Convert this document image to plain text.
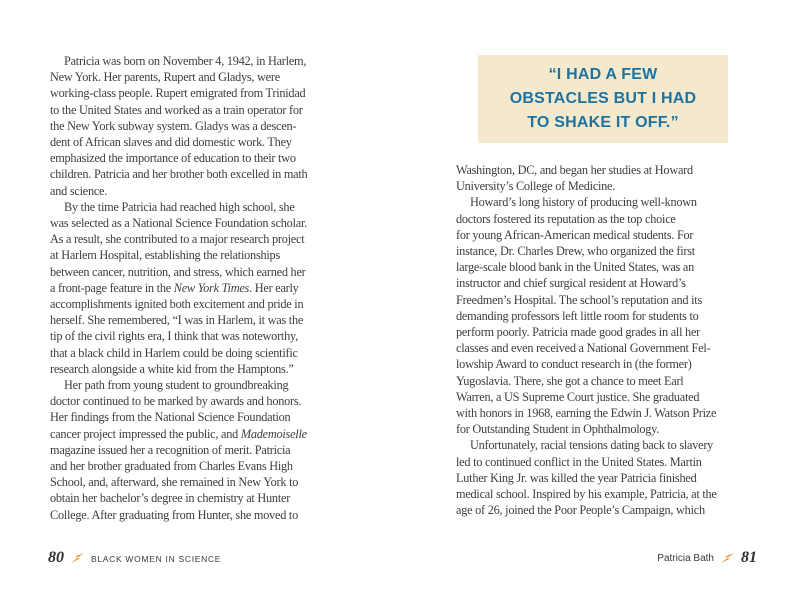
Patricia was born on November 4, 1942, in Harlem,
New York. Her parents, Rupert and Gladys, were
working-class people. Rupert emigrated from Trinidad
to the United States and worked as a train operator for
the New York subway system. Gladys was a descen-
dent of African slaves and did domestic work. They
emphasized the importance of education to their two
children. Patricia and her brother both excelled in math
and science.

By the time Patricia had reached high school, she
was selected as a National Science Foundation scholar.
As a result, she contributed to a major research project
at Harlem Hospital, establishing the relationships
between cancer, nutrition, and stress, which earned her
a front-page feature in the New York Times. Her early
accomplishments ignited both excitement and pride in
herself. She remembered, “I was in Harlem, it was the
tip of the civil rights era, I think that was noteworthy,
that a black child in Harlem could be doing scientific
research alongside a white kid from the Hamptons.”

Her path from young student to groundbreaking
doctor continued to be marked by awards and honors.
Her findings from the National Science Foundation
cancer project impressed the public, and Mademoiselle
magazine issued her a recognition of merit. Patricia
and her brother graduated from Charles Evans High
School, and, afterward, she remained in New York to
obtain her bachelor’s degree in chemistry at Hunter
College. After graduating from Hunter, she moved to

“I HAD A FEW
OBSTACLES BUT I HAD
TO SHAKE IT OFF.”

Washington, DC, and began her studies at Howard
University’s College of Medicine.

Howard’s long history of producing well-known
doctors fostered its reputation as the top choice
for young African-American medical students. For
instance, Dr. Charles Drew, who organized the first
large-scale blood bank in the United States, was an
instructor and chief surgical resident at Howard’s
Freedmen’s Hospital. The school’s reputation and its
demanding professors left little room for students to
perform poorly. Patricia made good grades in all her
classes and even received a National Government Fel-
lowship Award to conduct research in (the former)
Yugoslavia. There, she got a chance to meet Earl
Warren, a US Supreme Court justice. She graduated
with honors in 1968, earning the Edwin J. Watson Prize
for Outstanding Student in Ophthalmology.

Unfortunately, racial tensions dating back to slavery
led to continued conflict in the United States. Martin
Luther King Jr. was killed the year Patricia finished
medical school. Inspired by his example, Patricia, at the
age of 26, joined the Poor People’s Campaign, which

80	BLACK WOMEN IN SCIENCE	Patricia Bath 81
